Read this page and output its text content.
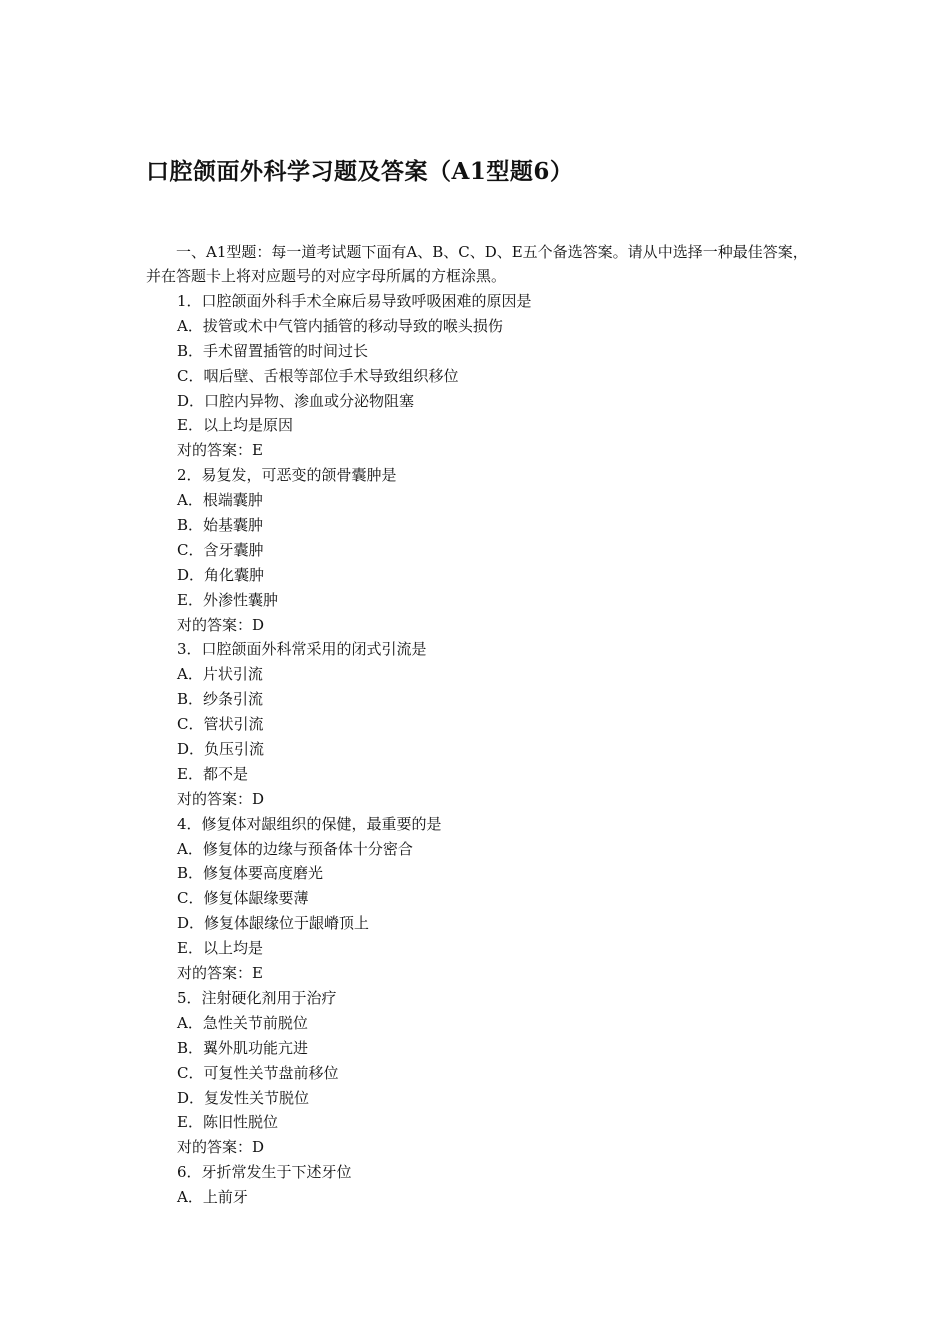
口腔颌面外科学习题及答案（A1型题6）
一、A1型题：每一道考试题下面有A、B、C、D、E五个备选答案。请从中选择一种最佳答案，并在答题卡上将对应题号的对应字母所属的方框涂黑。
1．口腔颌面外科手术全麻后易导致呼吸困难的原因是
A．拔管或术中气管内插管的移动导致的喉头损伤
B．手术留置插管的时间过长
C．咽后壁、舌根等部位手术导致组织移位
D．口腔内异物、渗血或分泌物阻塞
E．以上均是原因
对的答案：E
2．易复发，可恶变的颌骨囊肿是
A．根端囊肿
B．始基囊肿
C．含牙囊肿
D．角化囊肿
E．外渗性囊肿
对的答案：D
3．口腔颌面外科常采用的闭式引流是
A．片状引流
B．纱条引流
C．管状引流
D．负压引流
E．都不是
对的答案：D
4．修复体对龈组织的保健，最重要的是
A．修复体的边缘与预备体十分密合
B．修复体要高度磨光
C．修复体龈缘要薄
D．修复体龈缘位于龈嵴顶上
E．以上均是
对的答案：E
5．注射硬化剂用于治疗
A．急性关节前脱位
B．翼外肌功能亢进
C．可复性关节盘前移位
D．复发性关节脱位
E．陈旧性脱位
对的答案：D
6．牙折常发生于下述牙位
A．上前牙
